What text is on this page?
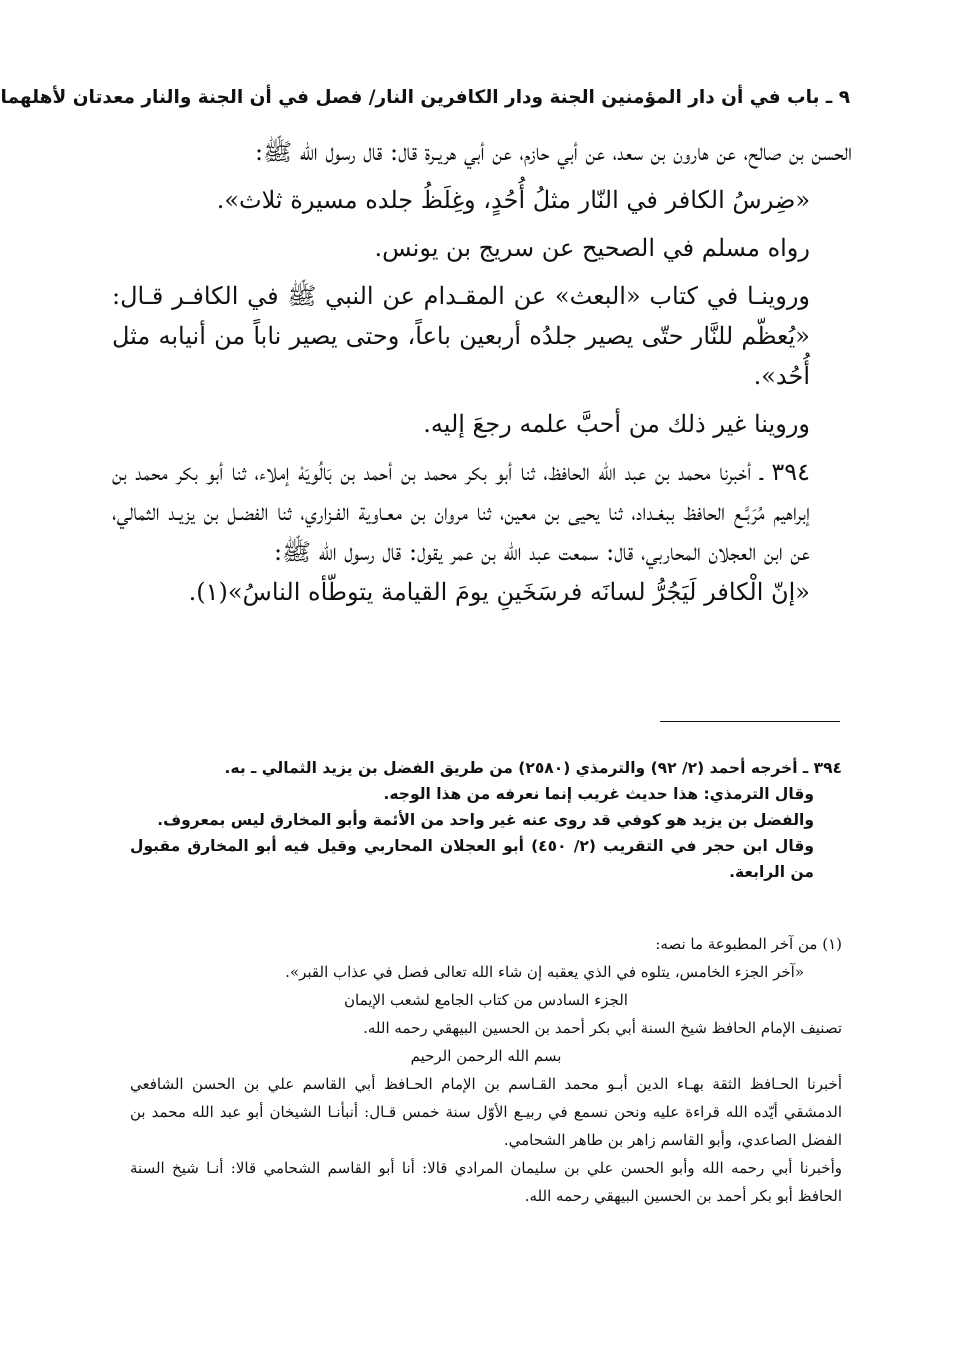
٩ ـ باب في أن دار المؤمنين الجنة ودار الكافرين النار/ فصل في أن الجنة والنار معدتان لأهلهما

الحسن بن صالح، عن هارون بن سعد، عن أبي حازم، عن أبي هريـرة قال: قال رسول الله ﷺ:

«ضِرسُ الكافر في النّار مثلُ أُحُدٍ، وغِلَظُ جلده مسيرة ثلاث».

رواه مسلم في الصحيح عن سريج بن يونس.

وروينـا في كتاب «البعث» عن المقـدام عن النبي ﷺ في الكافـر قـال: «يُعظّم للنَّار حتّى يصير جلدُه أربعين باعاً، وحتى يصير ناباً من أنيابه مثل أُحُد».

وروينا غير ذلك من أحبَّ علمه رجعَ إليه.

٣٩٤ ـ أخبرنا محمد بن عبد الله الحافظ، ثنا أبو بكر محمد بن أحمد بن بَالُويَهْ إملاء، ثنا أبو بكر محمد بن إبراهيم مُرَبَّـع الحافظ ببغـداد، ثنا يحيى بن معين، ثنا مروان بن معـاوية الفـزاري، ثنا الفضـل بن يزيـد الثمالي، عن ابن العجلان المحاربي، قال: سمعت عبد الله بن عمر يقول: قال رسول الله ﷺ:

«إنّ الْكافر لَيَجُرُّ لسانَه فرسَخَينِ يومَ القيامة يتوطّأه الناسُ»(١).

٣٩٤ ـ أخرجه أحمد (٢/ ٩٢) والترمذي (٢٥٨٠) من طريق الفضل بن يزيد الثمالي ـ به.

وقال الترمذي: هذا حديث غريب إنما نعرفه من هذا الوجه.

والفضل بن يزيد هو كوفي قد روى عنه غير واحد من الأئمة وأبو المخارق ليس بمعروف.

وقال ابن حجر في التقريب (٢/ ٤٥٠) أبو العجلان المحاربي وقيل فيه أبو المخارق مقبول من الرابعة.

(١) من آخر المطبوعة ما نصه:

«آخر الجزء الخامس، يتلوه في الذي يعقبه إن شاء الله تعالى فصل في عذاب القبر».

الجزء السادس من كتاب الجامع لشعب الإيمان

تصنيف الإمام الحافظ شيخ السنة أبي بكر أحمد بن الحسين البيهقي رحمه الله.

بسم الله الرحمن الرحيم

أخبرنا الحـافظ الثقة بهـاء الدين أبـو محمد القـاسم بن الإمام الحـافظ أبي القاسم علي بن الحسن الشافعي الدمشقي أيّده الله قراءة عليه ونحن نسمع في ربيـع الأوّل سنة خمس قـال: أنبأنـا الشيخان أبو عبد الله محمد بن الفضل الصاعدي، وأبو القاسم زاهر بن طاهر الشحامي.

وأخبرنا أبي رحمه الله وأبو الحسن علي بن سليمان المرادي قالا: أنا أبو القاسم الشحامي قالا: أنـا شيخ السنة الحافظ أبو بكر أحمد بن الحسين البيهقي رحمه الله.
